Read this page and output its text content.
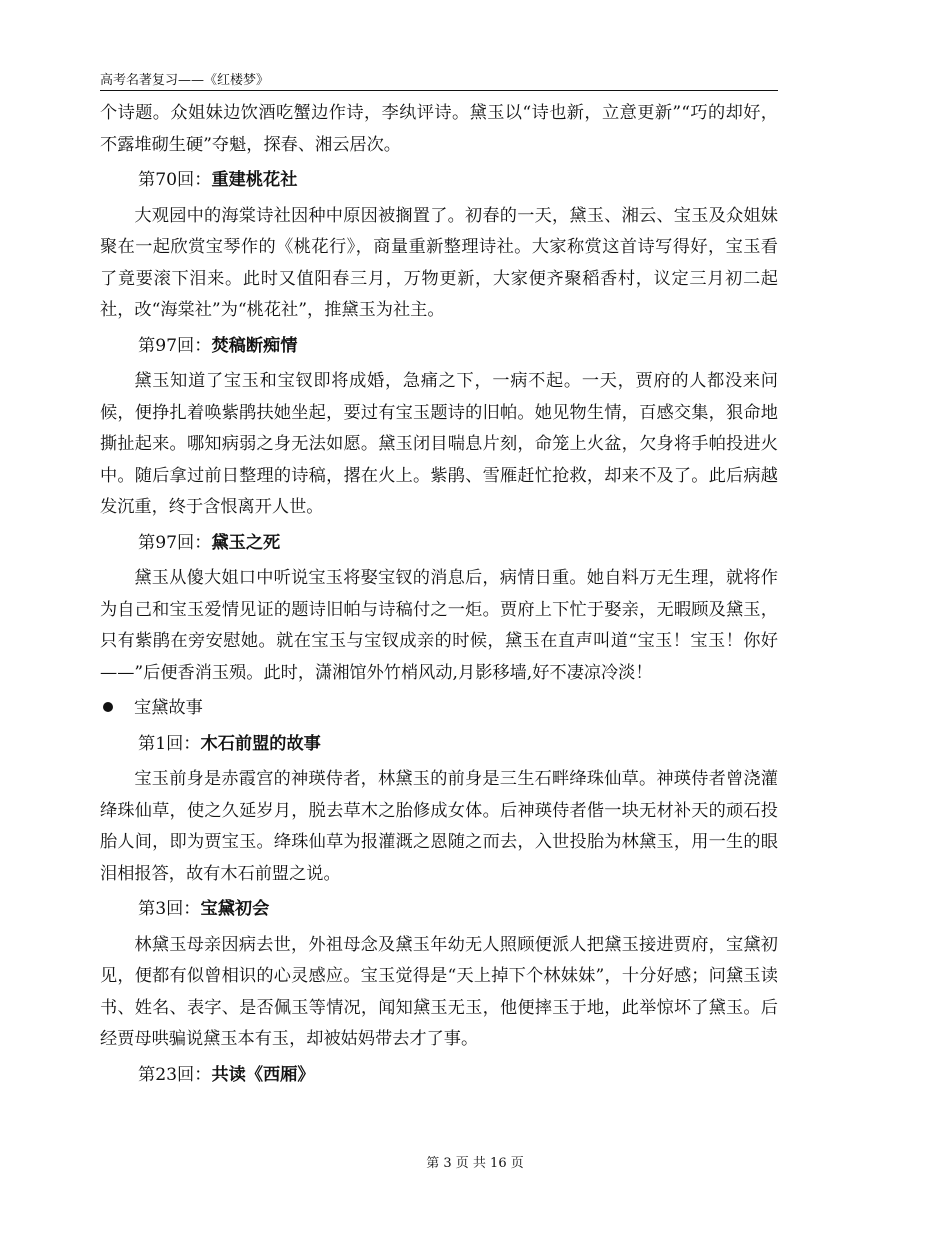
高考名著复习——《红楼梦》

个诗题。众姐妹边饮酒吃蟹边作诗，李纨评诗。黛玉以“诗也新，立意更新”“巧的却好，不露堆砌生硬”夺魁，探春、湘云居次。

第70回：重建桃花社

大观园中的海棠诗社因种中原因被搁置了。初春的一天，黛玉、湘云、宝玉及众姐妹聚在一起欣赏宝琴作的《桃花行》，商量重新整理诗社。大家称赏这首诗写得好，宝玉看了竟要滚下泪来。此时又值阳春三月，万物更新，大家便齐聚稻香村，议定三月初二起社，改“海棠社”为“桃花社”，推黛玉为社主。

第97回：焚稿断痴情

黛玉知道了宝玉和宝钗即将成婚，急痛之下，一病不起。一天，贾府的人都没来问候，便挣扎着唤紫鹃扶她坐起，要过有宝玉题诗的旧帕。她见物生情，百感交集，狠命地撕扯起来。哪知病弱之身无法如愿。黛玉闭目喘息片刻，命笼上火盆，欠身将手帕投进火中。随后拿过前日整理的诗稿，撂在火上。紫鹃、雪雁赶忙抢救，却来不及了。此后病越发沉重，终于含恨离开人世。

第97回：黛玉之死

黛玉从傻大姐口中听说宝玉将娶宝钗的消息后，病情日重。她自料万无生理，就将作为自己和宝玉爱情见证的题诗旧帕与诗稿付之一炬。贾府上下忙于娶亲，无暇顾及黛玉，只有紫鹃在旁安慰她。就在宝玉与宝钗成亲的时候，黛玉在直声叫道“宝玉！宝玉！你好——”后便香消玉殒。此时，潇湘馆外竹梢风动,月影移墙,好不凄凉冷淡！

宝黛故事
第1回：木石前盟的故事

宝玉前身是赤霞宫的神瑛侍者，林黛玉的前身是三生石畔绛珠仙草。神瑛侍者曾浇灌绛珠仙草，使之久延岁月，脱去草木之胎修成女体。后神瑛侍者偕一块无材补天的顽石投胎人间，即为贾宝玉。绛珠仙草为报灌溉之恩随之而去，入世投胎为林黛玉，用一生的眼泪相报答，故有木石前盟之说。

第3回：宝黛初会

林黛玉母亲因病去世，外祖母念及黛玉年幼无人照顾便派人把黛玉接进贾府，宝黛初见，便都有似曾相识的心灵感应。宝玉觉得是“天上掉下个林妹妹”，十分好感；问黛玉读书、姓名、表字、是否佩玉等情况，闻知黛玉无玉，他便摔玉于地，此举惊坏了黛玉。后经贾母哄骗说黛玉本有玉，却被姑妈带去才了事。

第23回：共读《西厢》
第 3 页 共 16 页
